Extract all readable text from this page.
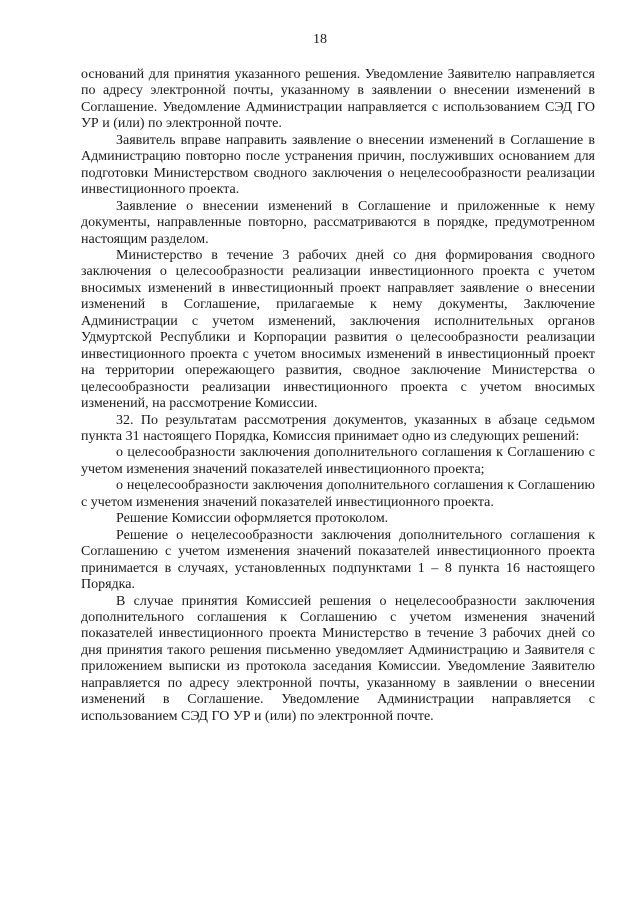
18

оснований для принятия указанного решения. Уведомление Заявителю направляется по адресу электронной почты, указанному в заявлении о внесении изменений в Соглашение. Уведомление Администрации направляется с использованием СЭД ГО УР и (или) по электронной почте.

Заявитель вправе направить заявление о внесении изменений в Соглашение в Администрацию повторно после устранения причин, послуживших основанием для подготовки Министерством сводного заключения о нецелесообразности реализации инвестиционного проекта.

Заявление о внесении изменений в Соглашение и приложенные к нему документы, направленные повторно, рассматриваются в порядке, предумотренном настоящим разделом.

Министерство в течение 3 рабочих дней со дня формирования сводного заключения о целесообразности реализации инвестиционного проекта с учетом вносимых изменений в инвестиционный проект направляет заявление о внесении изменений в Соглашение, прилагаемые к нему документы, Заключение Администрации с учетом изменений, заключения исполнительных органов Удмуртской Республики и Корпорации развития о целесообразности реализации инвестиционного проекта с учетом вносимых изменений в инвестиционный проект на территории опережающего развития, сводное заключение Министерства о целесообразности реализации инвестиционного проекта с учетом вносимых изменений, на рассмотрение Комиссии.

32. По результатам рассмотрения документов, указанных в абзаце седьмом пункта 31 настоящего Порядка, Комиссия принимает одно из следующих решений:

о целесообразности заключения дополнительного соглашения к Соглашению с учетом изменения значений показателей инвестиционного проекта;

о нецелесообразности заключения дополнительного соглашения к Соглашению с учетом изменения значений показателей инвестиционного проекта.

Решение Комиссии оформляется протоколом.

Решение о нецелесообразности заключения дополнительного соглашения к Соглашению с учетом изменения значений показателей инвестиционного проекта принимается в случаях, установленных подпунктами 1 – 8 пункта 16 настоящего Порядка.

В случае принятия Комиссией решения о нецелесообразности заключения дополнительного соглашения к Соглашению с учетом изменения значений показателей инвестиционного проекта Министерство в течение 3 рабочих дней со дня принятия такого решения письменно уведомляет Администрацию и Заявителя с приложением выписки из протокола заседания Комиссии. Уведомление Заявителю направляется по адресу электронной почты, указанному в заявлении о внесении изменений в Соглашение. Уведомление Администрации направляется с использованием СЭД ГО УР и (или) по электронной почте.
